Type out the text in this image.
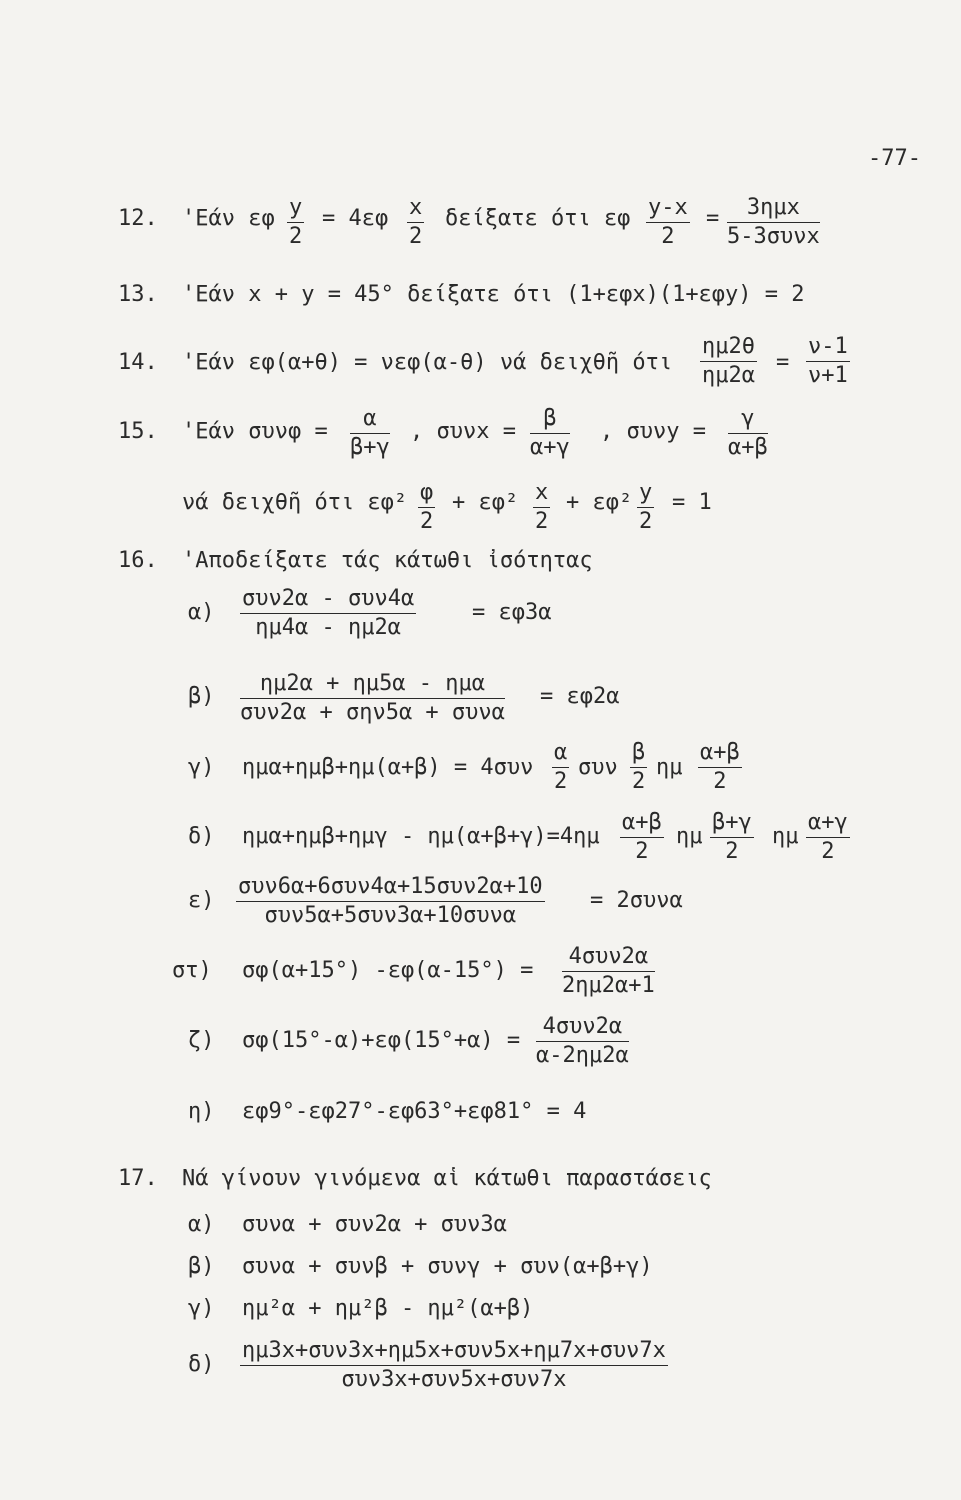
-77-
12. 'Εάν εφ $\frac{y}{2} = 4\varepsilon\varphi \frac{x}{2}$ δείξατε ότι εφ $\frac{y-x}{2}$ =	3ημx
5-3συνx
13. 'Εάν x + y = 45° δείξατε ότι (1+εφx)(1+εφy) = 2
14. 'Εάν εφ(α+θ) = νεφ(α-θ) νά δειχθῆ ότι $\frac{\eta\mu 2\theta}{\eta\mu 2\alpha} = \frac{\nu-1}{\nu+1}$
15. 'Εάν $\sigma\upsilon\nu\varphi = \frac{\alpha}{\beta+\gamma}$ , $\sigma\upsilon\nu x = \frac{\beta}{\alpha+\gamma}$ , $\sigma\upsilon\nu y = \frac{\gamma}{\alpha+\beta}$
νά δειχθῆ ότι $\varepsilon\varphi^2 \frac{\varphi}{2} + \varepsilon\varphi^2 \frac{x}{2} + \varepsilon\varphi^2 \frac{y}{2} = 1$
16. 'Αποδείξατε τάς κάτωθι ἰσότητας
α)
συν2α - συν4α
ημ4α - ημ2α
= εφ3α
β)
ημ2α + ημ5α - ημα
συν2α + σην5α + συνα
= εφ2α
γ) $\eta\mu\alpha+\eta\mu\beta+\eta\mu(\alpha+\beta) = 4\sigma\upsilon\nu \frac{\alpha}{2}$ συν $\frac{\beta}{2}$ ημ $\frac{\alpha+\beta}{2}$
δ) $\eta\mu\alpha+\eta\mu\beta+\eta\mu\gamma - \eta\mu(\alpha+\beta+\gamma)=4\eta\mu \frac{\alpha+\beta}{2}$ ημ $\frac{\beta+\gamma}{2}$ ημ $\frac{\alpha+\gamma}{2}$
ε)
συν6α+6συν4α+15συν2α+10
συν5α+5συν3α+10συνα
= 2συνα
στ) σφ(α+15°) -εφ(α-15°) =
4συν2α
2ημ2α+1
ζ) σφ(15°-α)+εφ(15°+α) =
4συν2α
α-2ημ2α
η) εφ9°-εφ27°-εφ63°+εφ81° = 4
17. Νά γίνουν γινόμενα αἱ κάτωθι παραστάσεις
α) συνα + συν2α + συν3α
β) συνα + συνβ + συνγ + συν(α+β+γ)
γ) ημ²α + ημ²β - ημ²(α+β)
δ)
ημ3x+συν3x+ημ5x+συν5x+ημ7x+συν7x
συν3x+συν5x+συν7x
